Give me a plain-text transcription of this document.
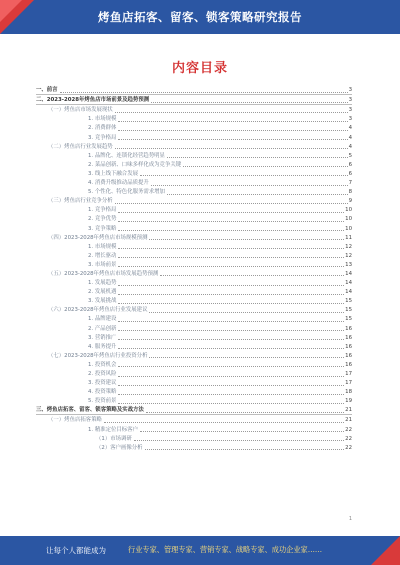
烤鱼店拓客、留客、锁客策略研究报告
内容目录
一、前言	3
二、2023-2028年烤鱼店市场前景及趋势预测	3
（一）烤鱼店市场发展现状	3
1. 市场规模	3
2. 消费群体	4
3. 竞争格局	4
（二）烤鱼店行业发展趋势	4
1. 品牌化、连锁化经营趋势明显	5
2. 菜品创新、口味多样化成为竞争关键	6
3. 线上线下融合发展	6
4. 消费升级推动品质提升	7
5. 个性化、特色化服务需求增加	8
（三）烤鱼店行业竞争分析	9
1. 竞争格局	10
2. 竞争优势	10
3. 竞争策略	10
（四）2023-2028年烤鱼店市场规模预测	11
1. 市场规模	12
2. 增长驱动	12
3. 市场前景	13
（五）2023-2028年烤鱼店市场发展趋势预测	14
1. 发展趋势	14
2. 发展机遇	14
3. 发展挑战	15
（六）2023-2028年烤鱼店行业发展建议	15
1. 品牌建设	15
2. 产品创新	16
3. 营销推广	16
4. 服务提升	16
（七）2023-2028年烤鱼店行业投资分析	16
1. 投资机会	16
2. 投资风险	17
3. 投资建议	17
4. 投资策略	18
5. 投资前景	19
三、烤鱼店拓客、留客、锁客策略及实战方法	21
（一）烤鱼店拓客策略	21
1. 精准定位目标客户	22
（1）市场调研	22
（2）客户画像分析	22
1
让每个人都能成为	行业专家、管理专家、营销专家、战略专家、成功企业家……
